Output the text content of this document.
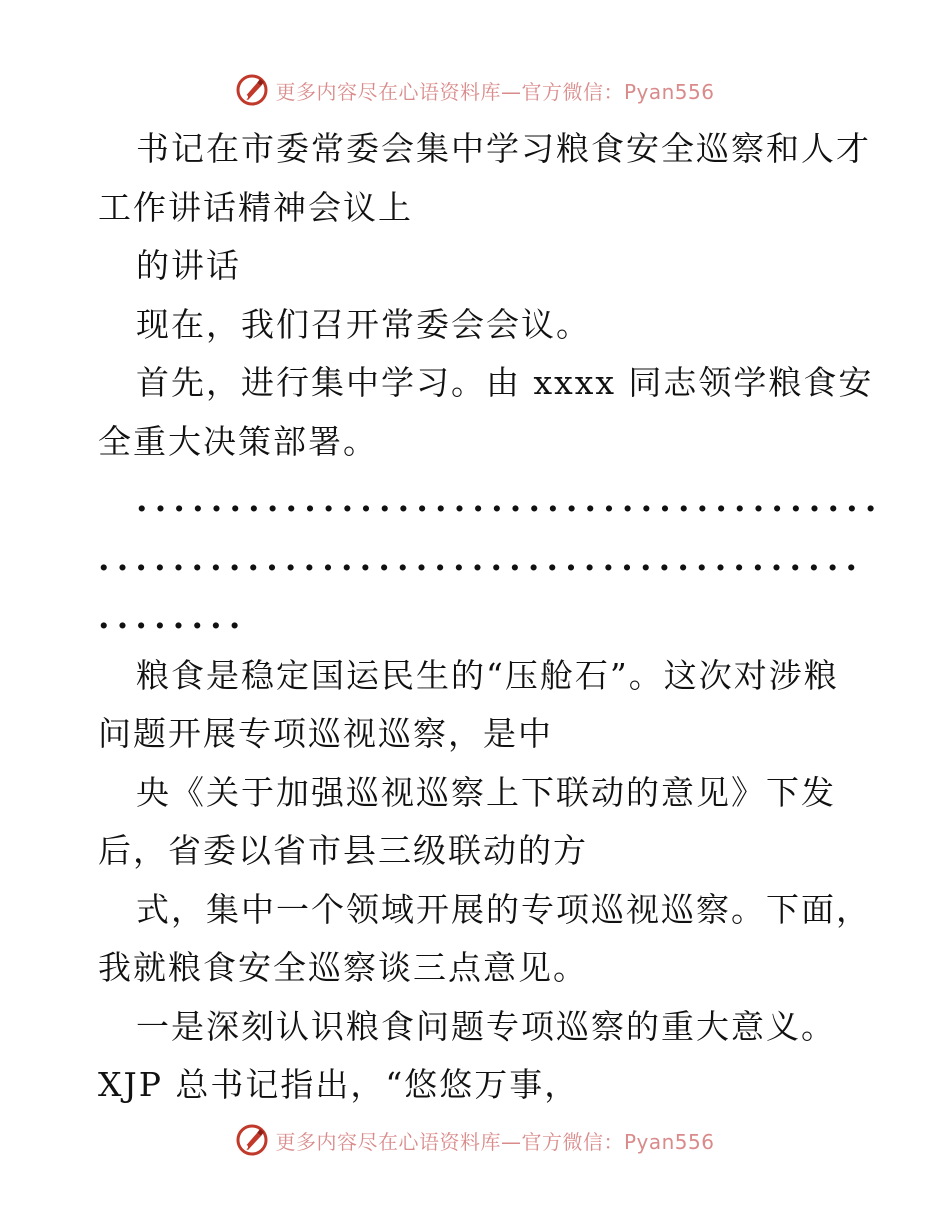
更多内容尽在心语资料库—官方微信：Pyan556
书记在市委常委会集中学习粮食安全巡察和人才
工作讲话精神会议上
的讲话
现在，我们召开常委会会议。
首先，进行集中学习。由 xxxx 同志领学粮食安
全重大决策部署。
........................................
.........................................
........
粮食是稳定国运民生的“压舱石”。这次对涉粮
问题开展专项巡视巡察，是中
央《关于加强巡视巡察上下联动的意见》下发
后，省委以省市县三级联动的方
式，集中一个领域开展的专项巡视巡察。下面，
我就粮食安全巡察谈三点意见。
一是深刻认识粮食问题专项巡察的重大意义。
XJP 总书记指出，“悠悠万事，
更多内容尽在心语资料库—官方微信：Pyan556
